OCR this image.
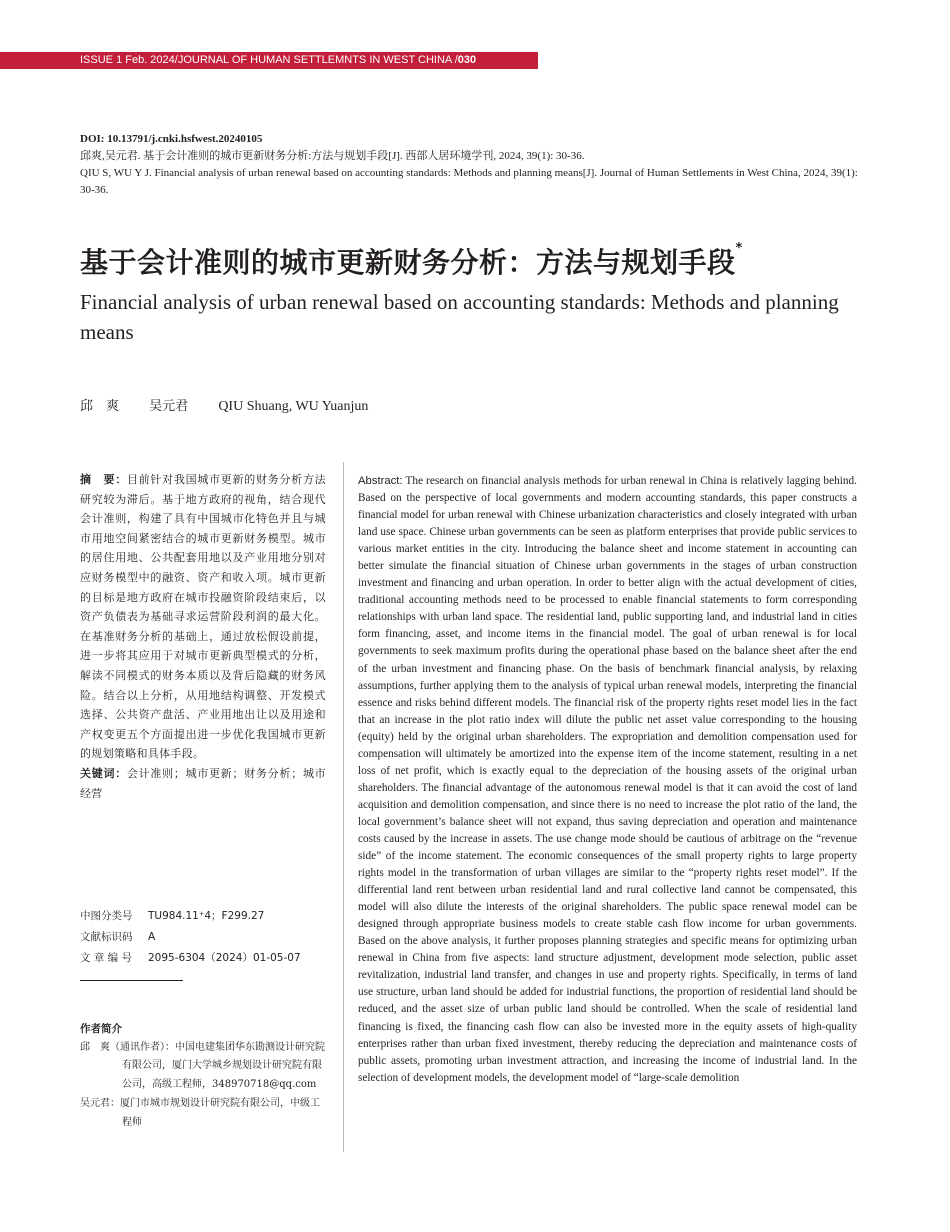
ISSUE 1 Feb. 2024/JOURNAL OF HUMAN SETTLEMNTS IN WEST CHINA /030
DOI: 10.13791/j.cnki.hsfwest.20240105
邱爽,吴元君. 基于会计准则的城市更新财务分析:方法与规划手段[J]. 西部人居环境学刊, 2024, 39(1): 30-36.
QIU S, WU Y J. Financial analysis of urban renewal based on accounting standards: Methods and planning means[J]. Journal of Human Settlements in West China, 2024, 39(1): 30-36.
基于会计准则的城市更新财务分析：方法与规划手段*
Financial analysis of urban renewal based on accounting standards: Methods and planning means
邱　爽 吴元君 QIU Shuang, WU Yuanjun

摘　要：目前针对我国城市更新的财务分析方法研究较为滞后。基于地方政府的视角，结合现代会计准则，构建了具有中国城市化特色并且与城市用地空间紧密结合的城市更新财务模型。城市的居住用地、公共配套用地以及产业用地分别对应财务模型中的融资、资产和收入项。城市更新的目标是地方政府在城市投融资阶段结束后，以资产负债表为基础寻求运营阶段利润的最大化。在基准财务分析的基础上，通过放松假设前提，进一步将其应用于对城市更新典型模式的分析，解读不同模式的财务本质以及背后隐藏的财务风险。结合以上分析，从用地结构调整、开发模式选择、公共资产盘活、产业用地出让以及用途和产权变更五个方面提出进一步优化我国城市更新的规划策略和具体手段。

关键词：会计准则；城市更新；财务分析；城市经营

中图分类号 TU984.11⁺4；F299.27
文献标识码 A
文 章 编 号 2095-6304（2024）01-05-07
作者简介

邱　爽（通讯作者）：中国电建集团华东勘测设计研究院有限公司，厦门大学城乡规划设计研究院有限公司，高级工程师，348970718@qq.com

吴元君：厦门市城市规划设计研究院有限公司，中级工程师

Abstract: The research on financial analysis methods for urban renewal in China is relatively lagging behind. Based on the perspective of local governments and modern accounting standards, this paper constructs a financial model for urban renewal with Chinese urbanization characteristics and closely integrated with urban land use space. Chinese urban governments can be seen as platform enterprises that provide public services to various market entities in the city. Introducing the balance sheet and income statement in accounting can better simulate the financial situation of Chinese urban governments in the stages of urban construction investment and financing and urban operation. In order to better align with the actual development of cities, traditional accounting methods need to be processed to enable financial statements to form corresponding relationships with urban land space. The residential land, public supporting land, and industrial land in cities form financing, asset, and income items in the financial model. The goal of urban renewal is for local governments to seek maximum profits during the operational phase based on the balance sheet after the end of the urban investment and financing phase. On the basis of benchmark financial analysis, by relaxing assumptions, further applying them to the analysis of typical urban renewal models, interpreting the financial essence and risks behind different models. The financial risk of the property rights reset model lies in the fact that an increase in the plot ratio index will dilute the public net asset value corresponding to the housing (equity) held by the original urban shareholders. The expropriation and demolition compensation used for compensation will ultimately be amortized into the expense item of the income statement, resulting in a net loss of net profit, which is exactly equal to the depreciation of the housing assets of the original urban shareholders. The financial advantage of the autonomous renewal model is that it can avoid the cost of land acquisition and demolition compensation, and since there is no need to increase the plot ratio of the land, the local government’s balance sheet will not expand, thus saving depreciation and operation and maintenance costs caused by the increase in assets. The use change mode should be cautious of arbitrage on the “revenue side” of the income statement. The economic consequences of the small property rights to large property rights model in the transformation of urban villages are similar to the “property rights reset model”. If the differential land rent between urban residential land and rural collective land cannot be compensated, this model will also dilute the interests of the original shareholders. The public space renewal model can be designed through appropriate business models to create stable cash flow income for urban governments. Based on the above analysis, it further proposes planning strategies and specific means for optimizing urban renewal in China from five aspects: land structure adjustment, development mode selection, public asset revitalization, industrial land transfer, and changes in use and property rights. Specifically, in terms of land use structure, urban land should be added for industrial functions, the proportion of residential land should be reduced, and the asset size of urban public land should be controlled. When the scale of residential land financing is fixed, the financing cash flow can also be invested more in the equity assets of high-quality enterprises rather than urban fixed investment, thereby reducing the depreciation and maintenance costs of public assets, promoting urban investment attraction, and increasing the income of industrial land. In the selection of development models, the development model of “large-scale demolition
